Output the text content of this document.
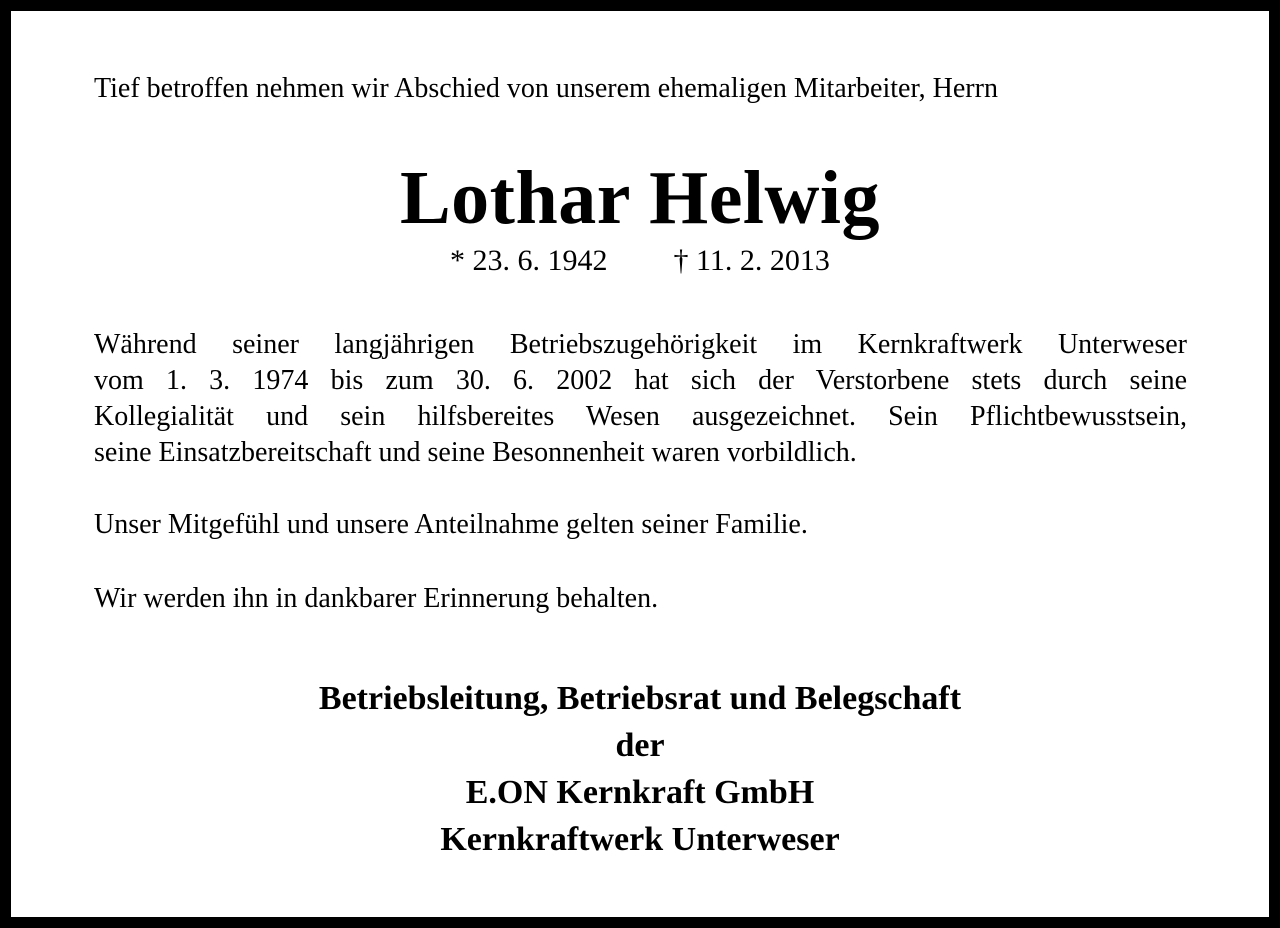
Tief betroffen nehmen wir Abschied von unserem ehemaligen Mitarbeiter, Herrn

Lothar Helwig
* 23. 6. 1942 † 11. 2. 2013

Während seiner langjährigen Betriebszugehörigkeit im Kernkraftwerk Unterweser
vom 1. 3. 1974 bis zum 30. 6. 2002 hat sich der Verstorbene stets durch seine
Kollegialität und sein hilfsbereites Wesen ausgezeichnet. Sein Pflichtbewusstsein,
seine Einsatzbereitschaft und seine Besonnenheit waren vorbildlich.

Unser Mitgefühl und unsere Anteilnahme gelten seiner Familie.

Wir werden ihn in dankbarer Erinnerung behalten.

Betriebsleitung, Betriebsrat und Belegschaft
der
E.ON Kernkraft GmbH
Kernkraftwerk Unterweser
